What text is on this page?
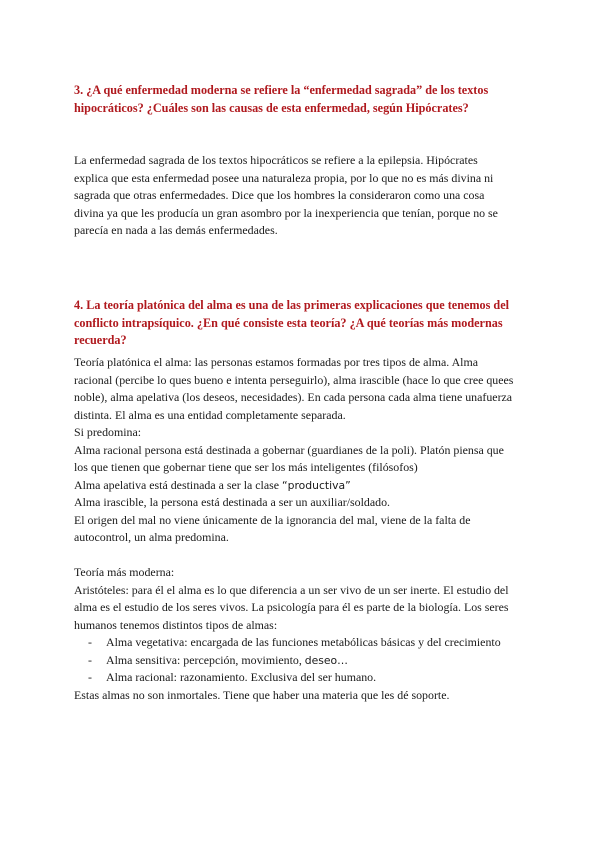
3. ¿A qué enfermedad moderna se refiere la “enfermedad sagrada” de los textos
hipocráticos? ¿Cuáles son las causas de esta enfermedad, según Hipócrates?
La enfermedad sagrada de los textos hipocráticos se refiere a la epilepsia. Hipócrates
explica que esta enfermedad posee una naturaleza propia, por lo que no es más divina ni
sagrada que otras enfermedades. Dice que los hombres la consideraron como una cosa
divina ya que les producía un gran asombro por la inexperiencia que tenían, porque no se
parecía en nada a las demás enfermedades.
4. La teoría platónica del alma es una de las primeras explicaciones que tenemos del
conflicto intrapsíquico. ¿En qué consiste esta teoría? ¿A qué teorías más modernas
recuerda?
Teoría platónica el alma: las personas estamos formadas por tres tipos de alma. Alma
racional (percibe lo ques bueno e intenta perseguirlo), alma irascible (hace lo que cree quees
noble), alma apelativa (los deseos, necesidades). En cada persona cada alma tiene unafuerza
distinta. El alma es una entidad completamente separada.
Si predomina:
Alma racional persona está destinada a gobernar (guardianes de la poli). Platón piensa que
los que tienen que gobernar tiene que ser los más inteligentes (filósofos)
Alma apelativa está destinada a ser la clase “productiva”
Alma irascible, la persona está destinada a ser un auxiliar/soldado.
El origen del mal no viene únicamente de la ignorancia del mal, viene de la falta de
autocontrol, un alma predomina.
Teoría más moderna:
Aristóteles: para él el alma es lo que diferencia a un ser vivo de un ser inerte. El estudio del
alma es el estudio de los seres vivos. La psicología para él es parte de la biología. Los seres
humanos tenemos distintos tipos de almas:
-	Alma vegetativa: encargada de las funciones metabólicas básicas y del crecimiento
-	Alma sensitiva: percepción, movimiento, deseo…
-	Alma racional: razonamiento. Exclusiva del ser humano.
Estas almas no son inmortales. Tiene que haber una materia que les dé soporte.
